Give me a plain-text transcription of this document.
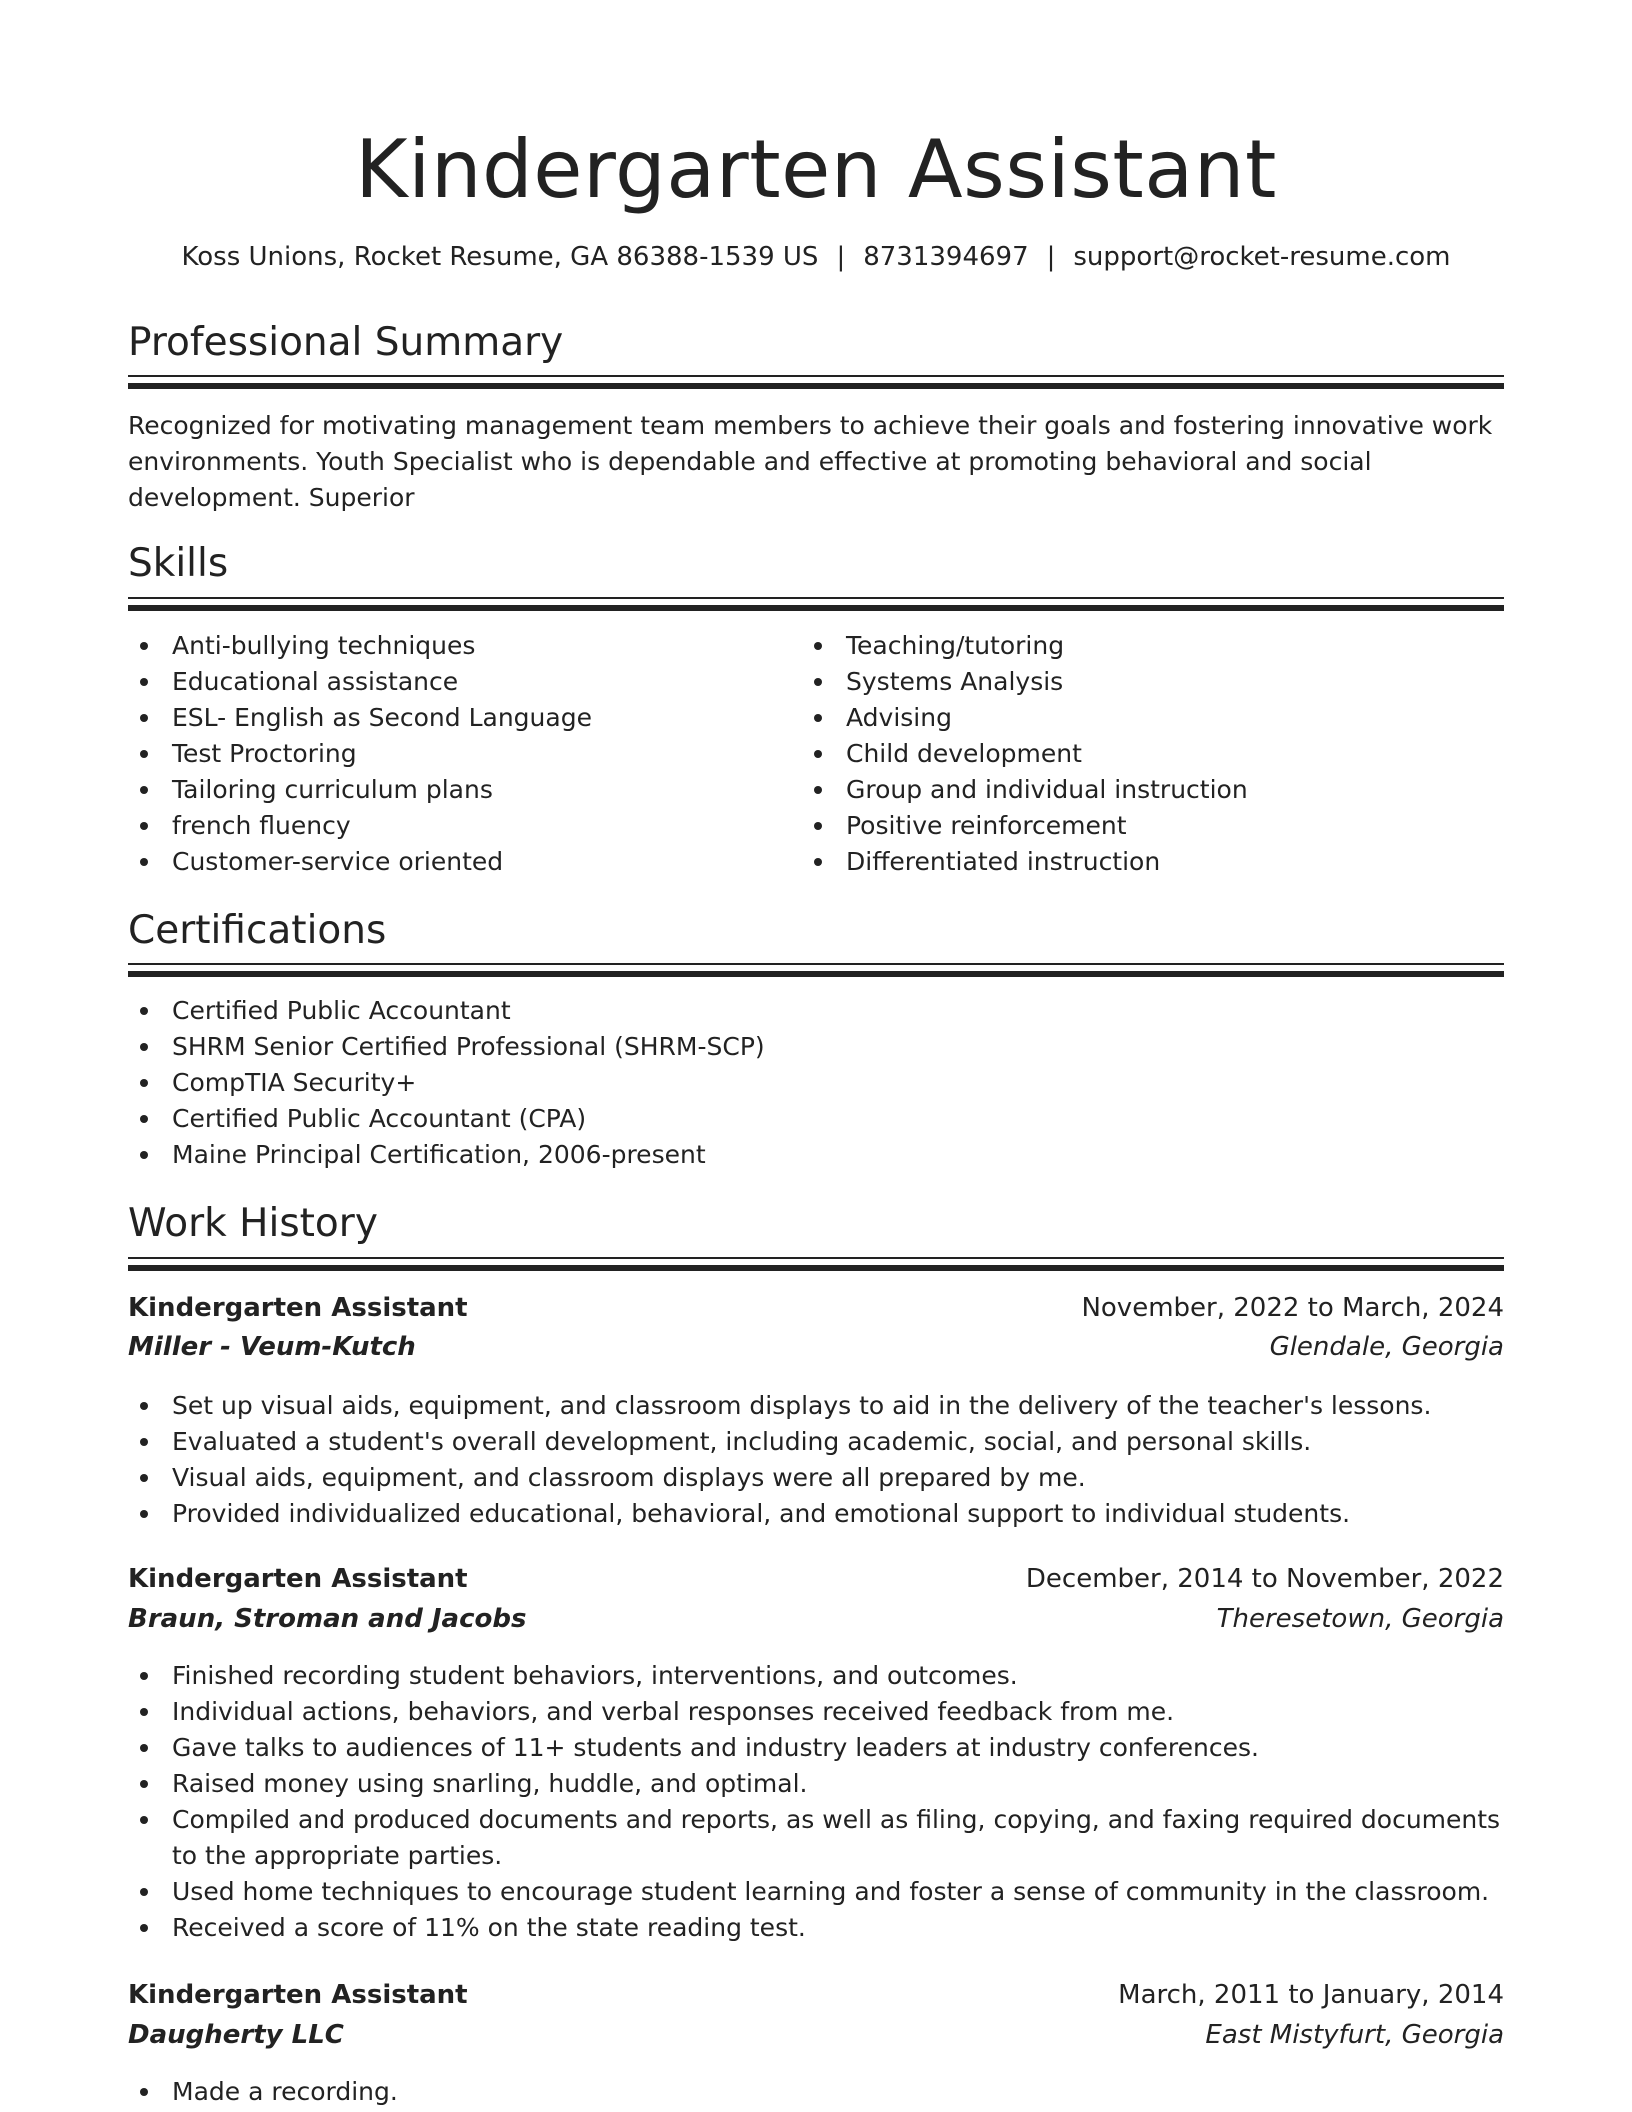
Kindergarten Assistant
Koss Unions, Rocket Resume, GA 86388-1539 US | 8731394697 | support@rocket-resume.com
Professional Summary

Recognized for motivating management team members to achieve their goals and fostering innovative work environments. Youth Specialist who is dependable and effective at promoting behavioral and social development. Superior

Skills
Anti-bullying techniques
Educational assistance
ESL- English as Second Language
Test Proctoring
Tailoring curriculum plans
french fluency
Customer-service oriented
Teaching/tutoring
Systems Analysis
Advising
Child development
Group and individual instruction
Positive reinforcement
Differentiated instruction
Certifications
Certified Public Accountant
SHRM Senior Certified Professional (SHRM-SCP)
CompTIA Security+
Certified Public Accountant (CPA)
Maine Principal Certification, 2006-present
Work History
Kindergarten Assistant	November, 2022 to March, 2024
Miller - Veum-Kutch	Glendale, Georgia
Set up visual aids, equipment, and classroom displays to aid in the delivery of the teacher's lessons.
Evaluated a student's overall development, including academic, social, and personal skills.
Visual aids, equipment, and classroom displays were all prepared by me.
Provided individualized educational, behavioral, and emotional support to individual students.
Kindergarten Assistant	December, 2014 to November, 2022
Braun, Stroman and Jacobs	Theresetown, Georgia
Finished recording student behaviors, interventions, and outcomes.
Individual actions, behaviors, and verbal responses received feedback from me.
Gave talks to audiences of 11+ students and industry leaders at industry conferences.
Raised money using snarling, huddle, and optimal.
Compiled and produced documents and reports, as well as filing, copying, and faxing required documents to the appropriate parties.
Used home techniques to encourage student learning and foster a sense of community in the classroom.
Received a score of 11% on the state reading test.
Kindergarten Assistant	March, 2011 to January, 2014
Daugherty LLC	East Mistyfurt, Georgia
Made a recording.
